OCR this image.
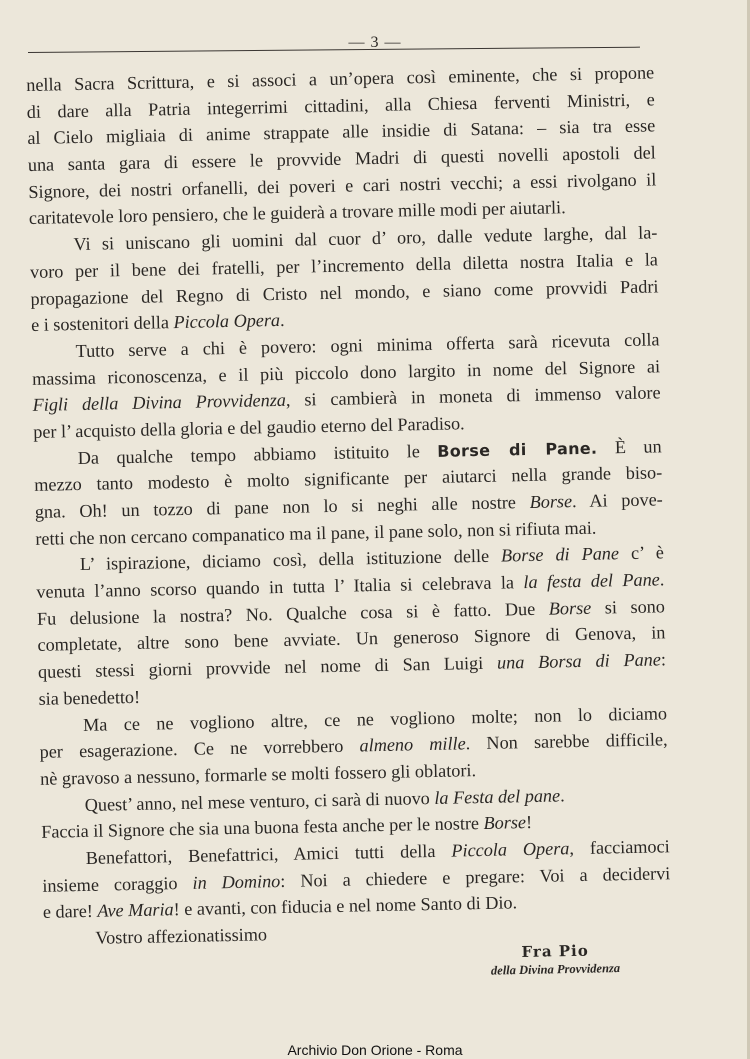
— 3 —
nella Sacra Scrittura, e si associ a un’opera così eminente, che si propone
di dare alla Patria integerrimi cittadini, alla Chiesa ferventi Ministri, e
al Cielo migliaia di anime strappate alle insidie di Satana: – sia tra esse
una santa gara di essere le provvide Madri di questi novelli apostoli del
Signore, dei nostri orfanelli, dei poveri e cari nostri vecchi; a essi rivolgano il
caritatevole loro pensiero, che le guiderà a trovare mille modi per aiutarli.
Vi si uniscano gli uomini dal cuor d’ oro, dalle vedute larghe, dal la-
voro per il bene dei fratelli, per l’incremento della diletta nostra Italia e la
propagazione del Regno di Cristo nel mondo, e siano come provvidi Padri
e i sostenitori della Piccola Opera.
Tutto serve a chi è povero: ogni minima offerta sarà ricevuta colla
massima riconoscenza, e il più piccolo dono largito in nome del Signore ai
Figli della Divina Provvidenza, si cambierà in moneta di immenso valore
per l’ acquisto della gloria e del gaudio eterno del Paradiso.
Da qualche tempo abbiamo istituito le Borse di Pane. È un
mezzo tanto modesto è molto significante per aiutarci nella grande biso-
gna. Oh! un tozzo di pane non lo si neghi alle nostre Borse. Ai pove-
retti che non cercano companatico ma il pane, il pane solo, non si rifiuta mai.
L’ ispirazione, diciamo così, della istituzione delle Borse di Pane c’ è
venuta l’anno scorso quando in tutta l’ Italia si celebrava la la festa del Pane.
Fu delusione la nostra? No. Qualche cosa si è fatto. Due Borse si sono
completate, altre sono bene avviate. Un generoso Signore di Genova, in
questi stessi giorni provvide nel nome di San Luigi una Borsa di Pane:
sia benedetto!
Ma ce ne vogliono altre, ce ne vogliono molte; non lo diciamo
per esagerazione. Ce ne vorrebbero almeno mille. Non sarebbe difficile,
nè gravoso a nessuno, formarle se molti fossero gli oblatori.
Quest’ anno, nel mese venturo, ci sarà di nuovo la Festa del pane.
Faccia il Signore che sia una buona festa anche per le nostre Borse!
Benefattori, Benefattrici, Amici tutti della Piccola Opera, facciamoci
insieme coraggio in Domino: Noi a chiedere e pregare: Voi a decidervi
e dare! Ave Maria! e avanti, con fiducia e nel nome Santo di Dio.
Vostro affezionatissimo
Fra Pio
della Divina Provvidenza
Archivio Don Orione - Roma
